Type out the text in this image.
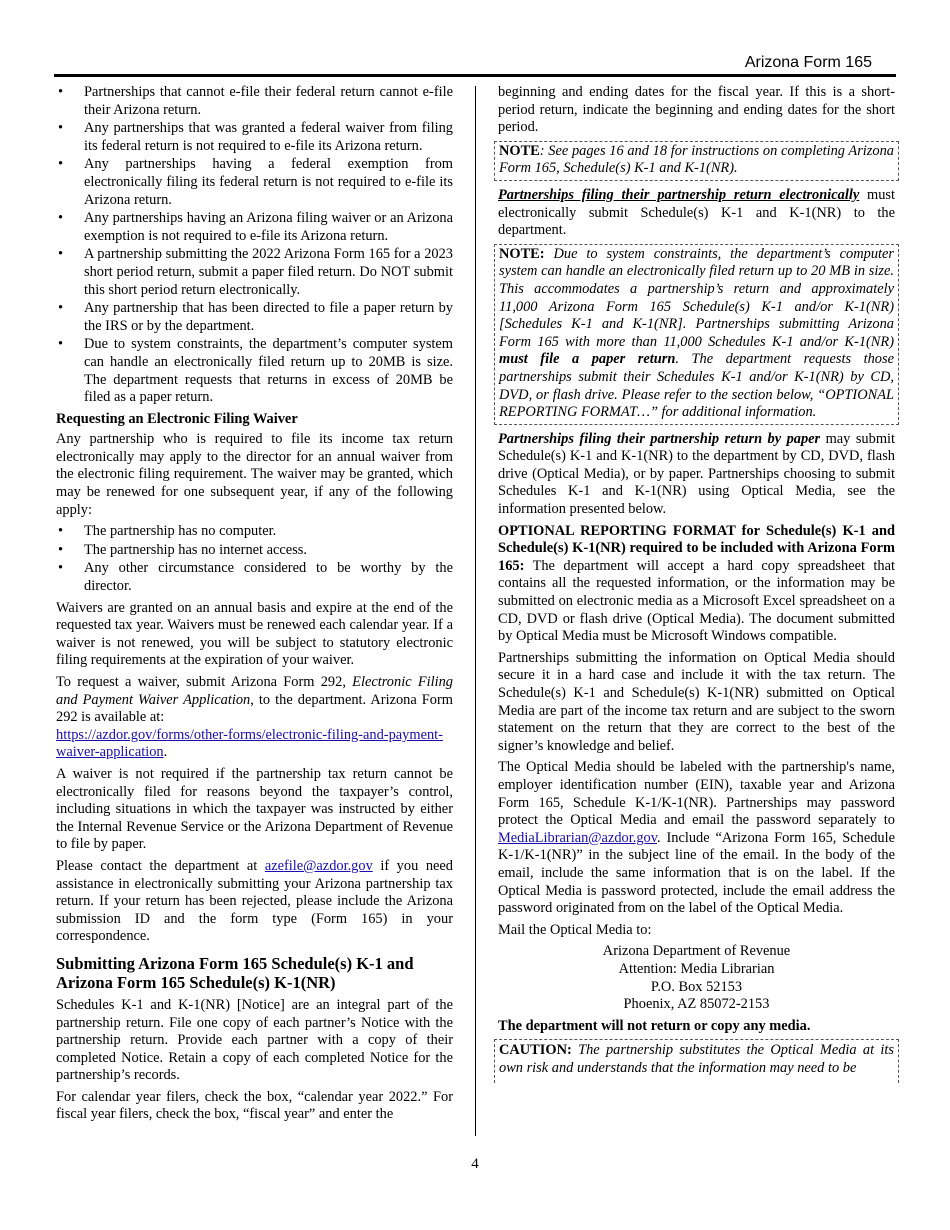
Arizona Form 165
• Partnerships that cannot e-file their federal return cannot e-file their Arizona return.
• Any partnerships that was granted a federal waiver from filing its federal return is not required to e-file its Arizona return.
• Any partnerships having a federal exemption from electronically filing its federal return is not required to e-file its Arizona return.
• Any partnerships having an Arizona filing waiver or an Arizona exemption is not required to e-file its Arizona return.
• A partnership submitting the 2022 Arizona Form 165 for a 2023 short period return, submit a paper filed return. Do NOT submit this short period return electronically.
• Any partnership that has been directed to file a paper return by the IRS or by the department.
• Due to system constraints, the department’s computer system can handle an electronically filed return up to 20MB is size. The department requests that returns in excess of 20MB be filed as a paper return.
Requesting an Electronic Filing Waiver

Any partnership who is required to file its income tax return electronically may apply to the director for an annual waiver from the electronic filing requirement. The waiver may be granted, which may be renewed for one subsequent year, if any of the following apply:

• The partnership has no computer.
• The partnership has no internet access.
• Any other circumstance considered to be worthy by the director.

Waivers are granted on an annual basis and expire at the end of the requested tax year. Waivers must be renewed each calendar year. If a waiver is not renewed, you will be subject to statutory electronic filing requirements at the expiration of your waiver.

To request a waiver, submit Arizona Form 292, Electronic Filing and Payment Waiver Application, to the department. Arizona Form 292 is available at:
https://azdor.gov/forms/other-forms/electronic-filing-and-payment-waiver-application.

A waiver is not required if the partnership tax return cannot be electronically filed for reasons beyond the taxpayer’s control, including situations in which the taxpayer was instructed by either the Internal Revenue Service or the Arizona Department of Revenue to file by paper.

Please contact the department at azefile@azdor.gov if you need assistance in electronically submitting your Arizona partnership tax return. If your return has been rejected, please include the Arizona submission ID and the form type (Form 165) in your correspondence.

Submitting Arizona Form 165 Schedule(s) K-1 and Arizona Form 165 Schedule(s) K-1(NR)

Schedules K-1 and K-1(NR) [Notice] are an integral part of the partnership return. File one copy of each partner’s Notice with the partnership return. Provide each partner with a copy of their completed Notice. Retain a copy of each completed Notice for the partnership’s records.

For calendar year filers, check the box, “calendar year 2022.” For fiscal year filers, check the box, “fiscal year” and enter the

beginning and ending dates for the fiscal year. If this is a short-period return, indicate the beginning and ending dates for the short period.

NOTE: See pages 16 and 18 for instructions on completing Arizona Form 165, Schedule(s) K-1 and K-1(NR).

Partnerships filing their partnership return electronically must electronically submit Schedule(s) K-1 and K-1(NR) to the department.

NOTE: Due to system constraints, the department’s computer system can handle an electronically filed return up to 20 MB in size. This accommodates a partnership’s return and approximately 11,000 Arizona Form 165 Schedule(s) K-1 and/or K-1(NR) [Schedules K-1 and K-1(NR]. Partnerships submitting Arizona Form 165 with more than 11,000 Schedules K-1 and/or K-1(NR) must file a paper return. The department requests those partnerships submit their Schedules K-1 and/or K-1(NR) by CD, DVD, or flash drive. Please refer to the section below, “OPTIONAL REPORTING FORMAT…” for additional information.

Partnerships filing their partnership return by paper may submit Schedule(s) K-1 and K-1(NR) to the department by CD, DVD, flash drive (Optical Media), or by paper. Partnerships choosing to submit Schedules K-1 and K-1(NR) using Optical Media, see the information presented below.

OPTIONAL REPORTING FORMAT for Schedule(s) K-1 and Schedule(s) K-1(NR) required to be included with Arizona Form 165: The department will accept a hard copy spreadsheet that contains all the requested information, or the information may be submitted on electronic media as a Microsoft Excel spreadsheet on a CD, DVD or flash drive (Optical Media). The document submitted by Optical Media must be Microsoft Windows compatible.

Partnerships submitting the information on Optical Media should secure it in a hard case and include it with the tax return. The Schedule(s) K-1 and Schedule(s) K-1(NR) submitted on Optical Media are part of the income tax return and are subject to the sworn statement on the return that they are correct to the best of the signer’s knowledge and belief.

The Optical Media should be labeled with the partnership's name, employer identification number (EIN), taxable year and Arizona Form 165, Schedule K-1/K-1(NR). Partnerships may password protect the Optical Media and email the password separately to MediaLibrarian@azdor.gov. Include “Arizona Form 165, Schedule K-1/K-1(NR)” in the subject line of the email. In the body of the email, include the same information that is on the label. If the Optical Media is password protected, include the email address the password originated from on the label of the Optical Media.

Mail the Optical Media to:

Arizona Department of Revenue

Attention: Media Librarian

P.O. Box 52153

Phoenix, AZ 85072-2153

The department will not return or copy any media.

CAUTION: The partnership substitutes the Optical Media at its own risk and understands that the information may need to be
4
